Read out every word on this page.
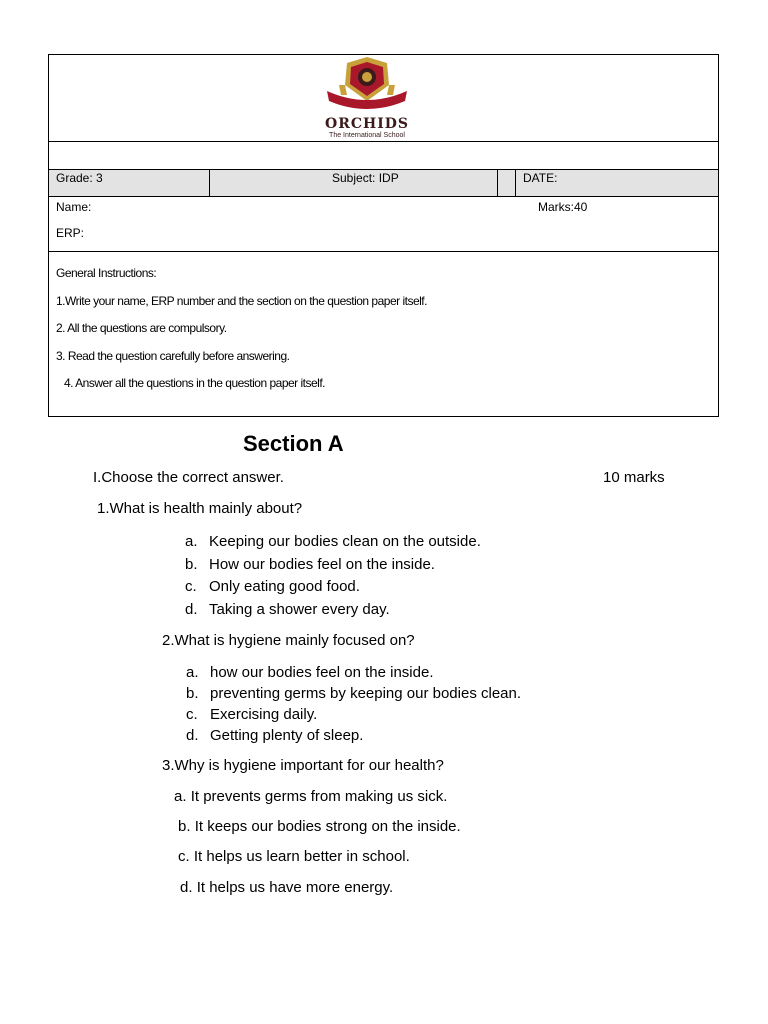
ORCHIDS
The International School
Grade: 3	Subject: IDP	DATE:
Name:	Marks:40
ERP:
General Instructions:
1.Write your name, ERP number and the section on the question paper itself.
2. All the questions are compulsory.
3. Read the question carefully before answering.
4. Answer all the questions in the question paper itself.
Section A
I.Choose the correct answer.	10 marks
1.What is health mainly about?
a. Keeping our bodies clean on the outside.
b. How our bodies feel on the inside.
c. Only eating good food.
d. Taking a shower every day.
2.What is hygiene mainly focused on?
a. how our bodies feel on the inside.
b. preventing germs by keeping our bodies clean.
c. Exercising daily.
d. Getting plenty of sleep.
3.Why is hygiene important for our health?
a. It prevents germs from making us sick.
b. It keeps our bodies strong on the inside.
c. It helps us learn better in school.
d. It helps us have more energy.
